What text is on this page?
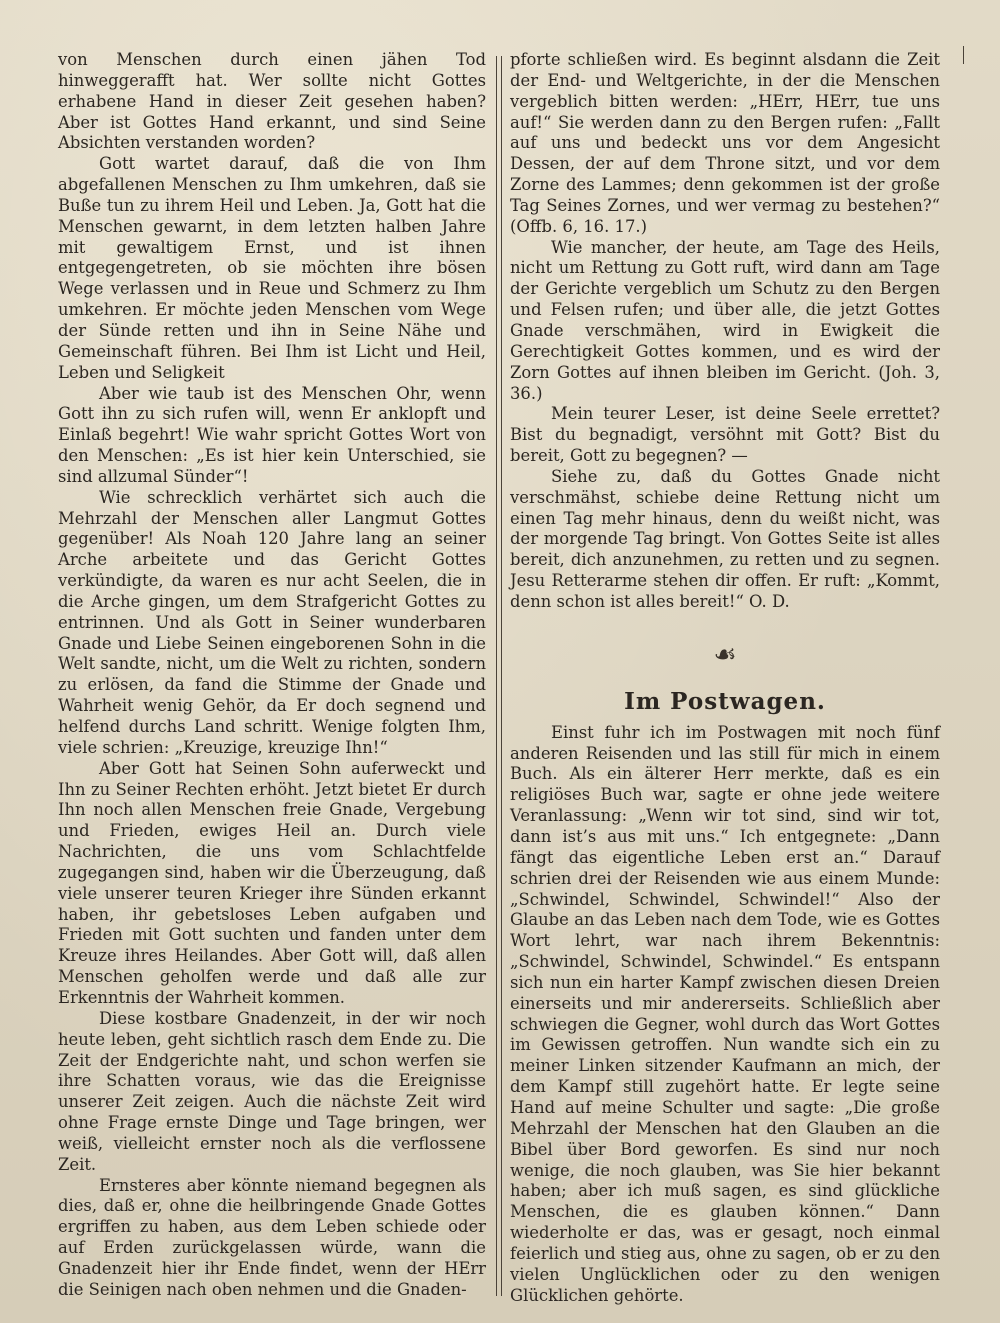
von Menschen durch einen jähen Tod hinweggerafft hat. Wer sollte nicht Gottes erhabene Hand in dieser Zeit gesehen haben? Aber ist Gottes Hand erkannt, und sind Seine Absichten verstanden worden?

Gott wartet darauf, daß die von Ihm abgefallenen Menschen zu Ihm umkehren, daß sie Buße tun zu ihrem Heil und Leben. Ja, Gott hat die Menschen gewarnt, in dem letzten halben Jahre mit gewaltigem Ernst, und ist ihnen entgegengetreten, ob sie möchten ihre bösen Wege verlassen und in Reue und Schmerz zu Ihm umkehren. Er möchte jeden Menschen vom Wege der Sünde retten und ihn in Seine Nähe und Gemeinschaft führen. Bei Ihm ist Licht und Heil, Leben und Seligkeit

Aber wie taub ist des Menschen Ohr, wenn Gott ihn zu sich rufen will, wenn Er anklopft und Einlaß begehrt! Wie wahr spricht Gottes Wort von den Menschen: „Es ist hier kein Unterschied, sie sind allzumal Sünder“!

Wie schrecklich verhärtet sich auch die Mehrzahl der Menschen aller Langmut Gottes gegenüber! Als Noah 120 Jahre lang an seiner Arche arbeitete und das Gericht Gottes verkündigte, da waren es nur acht Seelen, die in die Arche gingen, um dem Strafgericht Gottes zu entrinnen. Und als Gott in Seiner wunderbaren Gnade und Liebe Seinen eingeborenen Sohn in die Welt sandte, nicht, um die Welt zu richten, sondern zu erlösen, da fand die Stimme der Gnade und Wahrheit wenig Gehör, da Er doch segnend und helfend durchs Land schritt. Wenige folgten Ihm, viele schrien: „Kreuzige, kreuzige Ihn!“

Aber Gott hat Seinen Sohn auferweckt und Ihn zu Seiner Rechten erhöht. Jetzt bietet Er durch Ihn noch allen Menschen freie Gnade, Vergebung und Frieden, ewiges Heil an. Durch viele Nachrichten, die uns vom Schlachtfelde zugegangen sind, haben wir die Überzeugung, daß viele unserer teuren Krieger ihre Sünden erkannt haben, ihr gebetsloses Leben aufgaben und Frieden mit Gott suchten und fanden unter dem Kreuze ihres Heilandes. Aber Gott will, daß allen Menschen geholfen werde und daß alle zur Erkenntnis der Wahrheit kommen.

Diese kostbare Gnadenzeit, in der wir noch heute leben, geht sichtlich rasch dem Ende zu. Die Zeit der Endgerichte naht, und schon werfen sie ihre Schatten voraus, wie das die Ereignisse unserer Zeit zeigen. Auch die nächste Zeit wird ohne Frage ernste Dinge und Tage bringen, wer weiß, vielleicht ernster noch als die verflossene Zeit.

Ernsteres aber könnte niemand begegnen als dies, daß er, ohne die heilbringende Gnade Gottes ergriffen zu haben, aus dem Leben schiede oder auf Erden zurückgelassen würde, wann die Gnadenzeit hier ihr Ende findet, wenn der HErr die Seinigen nach oben nehmen und die Gnaden-

pforte schließen wird. Es beginnt alsdann die Zeit der End- und Weltgerichte, in der die Menschen vergeblich bitten werden: „HErr, HErr, tue uns auf!“ Sie werden dann zu den Bergen rufen: „Fallt auf uns und bedeckt uns vor dem Angesicht Dessen, der auf dem Throne sitzt, und vor dem Zorne des Lammes; denn gekommen ist der große Tag Seines Zornes, und wer vermag zu bestehen?“ (Offb. 6, 16. 17.)

Wie mancher, der heute, am Tage des Heils, nicht um Rettung zu Gott ruft, wird dann am Tage der Gerichte vergeblich um Schutz zu den Bergen und Felsen rufen; und über alle, die jetzt Gottes Gnade verschmähen, wird in Ewigkeit die Gerechtigkeit Gottes kommen, und es wird der Zorn Gottes auf ihnen bleiben im Gericht. (Joh. 3, 36.)

Mein teurer Leser, ist deine Seele errettet? Bist du begnadigt, versöhnt mit Gott? Bist du bereit, Gott zu begegnen? —

Siehe zu, daß du Gottes Gnade nicht verschmähst, schiebe deine Rettung nicht um einen Tag mehr hinaus, denn du weißt nicht, was der morgende Tag bringt. Von Gottes Seite ist alles bereit, dich anzunehmen, zu retten und zu segnen. Jesu Retterarme stehen dir offen. Er ruft: „Kommt, denn schon ist alles bereit!“ O. D.

☙
Im Postwagen.

Einst fuhr ich im Postwagen mit noch fünf anderen Reisenden und las still für mich in einem Buch. Als ein älterer Herr merkte, daß es ein religiöses Buch war, sagte er ohne jede weitere Veranlassung: „Wenn wir tot sind, sind wir tot, dann ist’s aus mit uns.“ Ich entgegnete: „Dann fängt das eigentliche Leben erst an.“ Darauf schrien drei der Reisenden wie aus einem Munde: „Schwindel, Schwindel, Schwindel!“ Also der Glaube an das Leben nach dem Tode, wie es Gottes Wort lehrt, war nach ihrem Bekenntnis: „Schwindel, Schwindel, Schwindel.“ Es entspann sich nun ein harter Kampf zwischen diesen Dreien einerseits und mir andererseits. Schließlich aber schwiegen die Gegner, wohl durch das Wort Gottes im Gewissen getroffen. Nun wandte sich ein zu meiner Linken sitzender Kaufmann an mich, der dem Kampf still zugehört hatte. Er legte seine Hand auf meine Schulter und sagte: „Die große Mehrzahl der Menschen hat den Glauben an die Bibel über Bord geworfen. Es sind nur noch wenige, die noch glauben, was Sie hier bekannt haben; aber ich muß sagen, es sind glückliche Menschen, die es glauben können.“ Dann wiederholte er das, was er gesagt, noch einmal feierlich und stieg aus, ohne zu sagen, ob er zu den vielen Unglücklichen oder zu den wenigen Glücklichen gehörte.
